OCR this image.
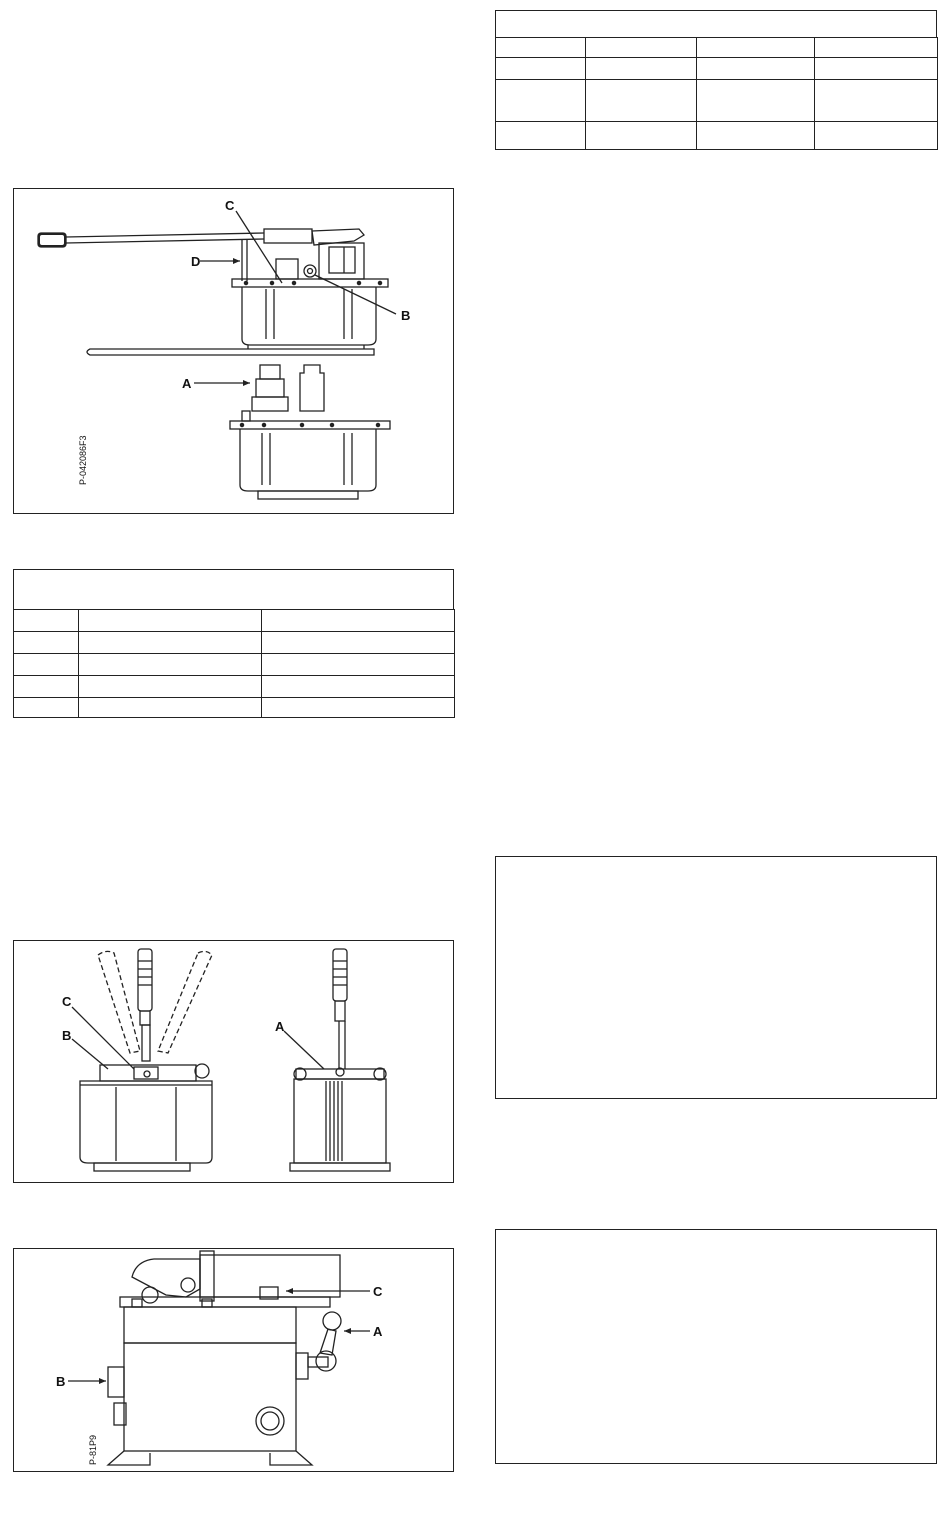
C
D
B
A
P-042086F3

C
B
A
C
A
B
P-81P9
